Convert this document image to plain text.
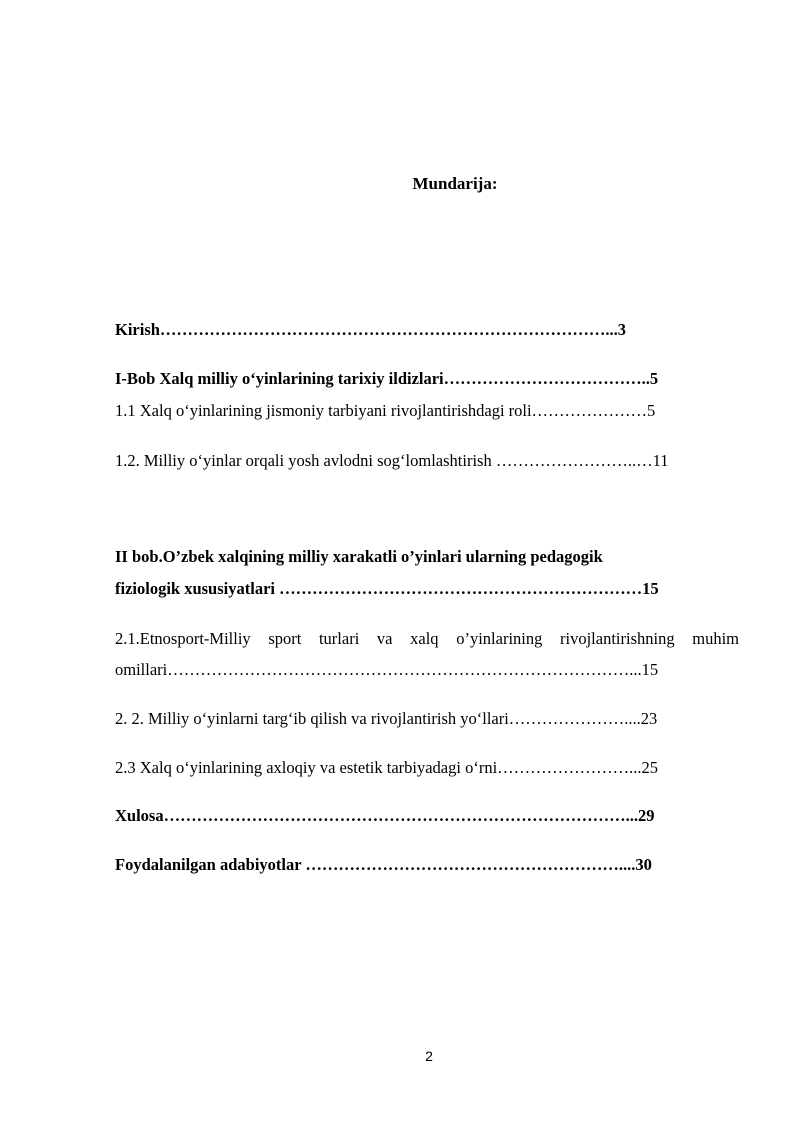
Mundarija:
Kirish………………………………………………………………………...3
I-Bob Xalq milliy o‘yinlarining tarixiy ildizlari………………………………..5
1.1 Xalq o‘yinlarining jismoniy tarbiyani rivojlantirishdagi roli…………………5
1.2. Milliy o‘yinlar orqali yosh avlodni sog‘lomlashtirish ……………………..…11
II bob.O’zbek xalqining milliy xarakatli o’yinlari ularning pedagogik
fiziologik xususiyatlari …………………………………………………………15
2.1.Etnosport-Milliy sport turlari va xalq o’yinlarining rivojlantirishning muhim
omillari…………………………………………………………………………...15
2. 2. Milliy o‘yinlarni targ‘ib qilish va rivojlantirish yo‘llari…………………....23
2.3 Xalq o‘yinlarining axloqiy va estetik tarbiyadagi o‘rni……………………...25
Xulosa…………………………………………………………………………...29
Foydalanilgan adabiyotlar …………………………………………………....30
2
